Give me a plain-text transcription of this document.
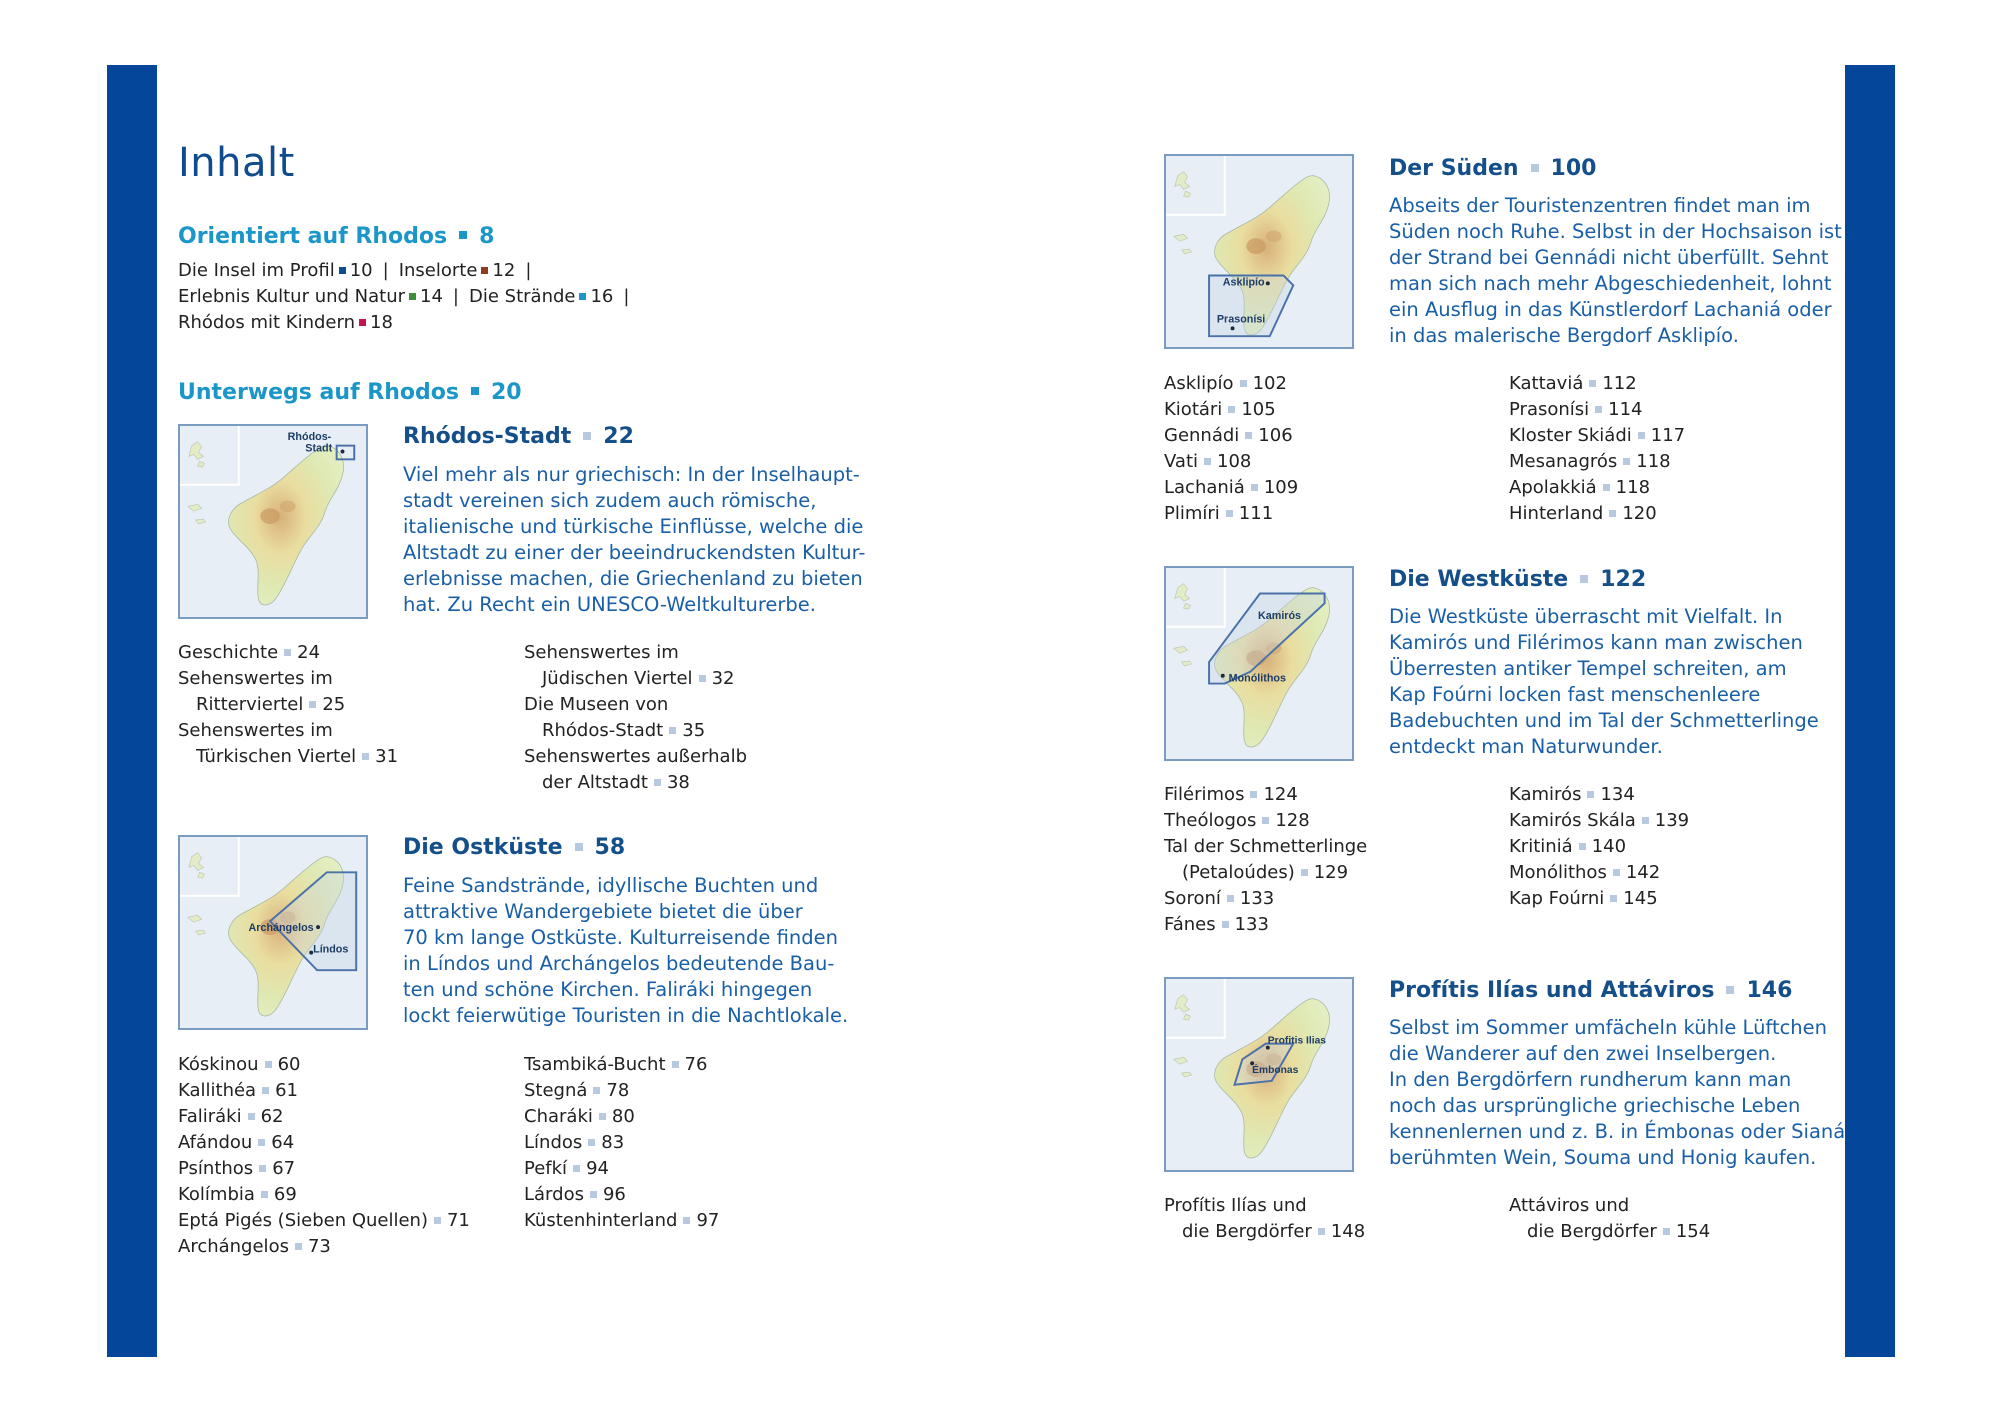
Inhalt
Orientiert auf Rhodos 8
Die Insel im Profil 10 | Inselorte 12 |
Erlebnis Kultur und Natur 14 | Die Strände 16 |
Rhódos mit Kindern 18
Unterwegs auf Rhodos 20
Rhódos-
Stadt	Rhódos-Stadt 22
Viel mehr als nur griechisch: In der Inselhaupt-
stadt vereinen sich zudem auch römische,
italienische und türkische Einflüsse, welche die
Altstadt zu einer der beeindruckendsten Kultur-
erlebnisse machen, die Griechenland zu bieten
hat. Zu Recht ein UNESCO-Weltkulturerbe.
Geschichte 24
Sehenswertes im
Ritterviertel 25
Sehenswertes im
Türkischen Viertel 31
Sehenswertes im
Jüdischen Viertel 32
Die Museen von
Rhódos-Stadt 35
Sehenswertes außerhalb
der Altstadt 38
Archángelos
Líndos
Die Ostküste 58
Feine Sandstrände, idyllische Buchten und
attraktive Wandergebiete bietet die über
70 km lange Ostküste. Kulturreisende finden
in Líndos und Archángelos bedeutende Bau-
ten und schöne Kirchen. Faliráki hingegen
lockt feierwütige Touristen in die Nachtlokale.
Kóskinou 60
Kallithéa 61
Faliráki 62
Afándou 64
Psínthos 67
Kolímbia 69
Eptá Pigés (Sieben Quellen) 71
Archángelos 73
Tsambiká-Bucht 76
Stegná 78
Charáki 80
Líndos 83
Pefkí 94
Lárdos 96
Küstenhinterland 97
Asklipío
Prasonísi
Der Süden 100
Abseits der Touristenzentren findet man im
Süden noch Ruhe. Selbst in der Hochsaison ist
der Strand bei Gennádi nicht überfüllt. Sehnt
man sich nach mehr Abgeschiedenheit, lohnt
ein Ausflug in das Künstlerdorf Lachaniá oder
in das malerische Bergdorf Asklipío.
Asklipío 102
Kiotári 105
Gennádi 106
Vati 108
Lachaniá 109
Plimíri 111
Kattaviá 112
Prasonísi 114
Kloster Skiádi 117
Mesanagrós 118
Apolakkiá 118
Hinterland 120
Kamirós
Monólithos
Die Westküste 122
Die Westküste überrascht mit Vielfalt. In
Kamirós und Filérimos kann man zwischen
Überresten antiker Tempel schreiten, am
Kap Foúrni locken fast menschenleere
Badebuchten und im Tal der Schmetterlinge
entdeckt man Naturwunder.
Filérimos 124
Theólogos 128
Tal der Schmetterlinge
(Petaloúdes) 129
Soroní 133
Fánes 133
Kamirós 134
Kamirós Skála 139
Kritiniá 140
Monólithos 142
Kap Foúrni 145
Profitis Ilias
Émbonas
Profítis Ilías und Attáviros 146
Selbst im Sommer umfächeln kühle Lüftchen
die Wanderer auf den zwei Inselbergen.
In den Bergdörfern rundherum kann man
noch das ursprüngliche griechische Leben
kennenlernen und z. B. in Émbonas oder Sianá
berühmten Wein, Souma und Honig kaufen.
Profítis Ilías und
die Bergdörfer 148
Attáviros und
die Bergdörfer 154
